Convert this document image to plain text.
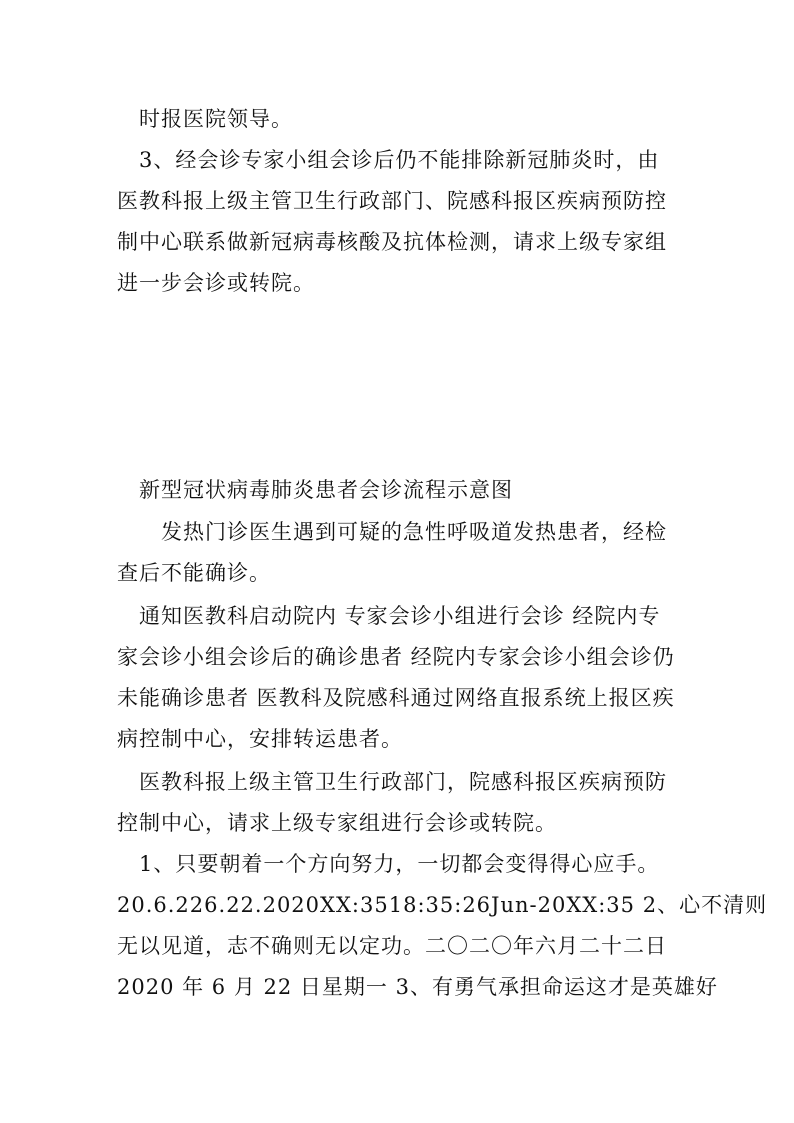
时报医院领导。

3、经会诊专家小组会诊后仍不能排除新冠肺炎时，由医教科报上级主管卫生行政部门、院感科报区疾病预防控制中心联系做新冠病毒核酸及抗体检测，请求上级专家组进一步会诊或转院。

新型冠状病毒肺炎患者会诊流程示意图

发热门诊医生遇到可疑的急性呼吸道发热患者，经检查后不能确诊。

通知医教科启动院内 专家会诊小组进行会诊 经院内专家会诊小组会诊后的确诊患者 经院内专家会诊小组会诊仍未能确诊患者 医教科及院感科通过网络直报系统上报区疾病控制中心，安排转运患者。

医教科报上级主管卫生行政部门，院感科报区疾病预防控制中心，请求上级专家组进行会诊或转院。

1、只要朝着一个方向努力，一切都会变得得心应手。
20.6.226.22.2020XX:3518:35:26Jun-20XX:35 2、心不清则
无以见道，志不确则无以定功。二〇二〇年六月二十二日
2020 年 6 月 22 日星期一 3、有勇气承担命运这才是英雄好
